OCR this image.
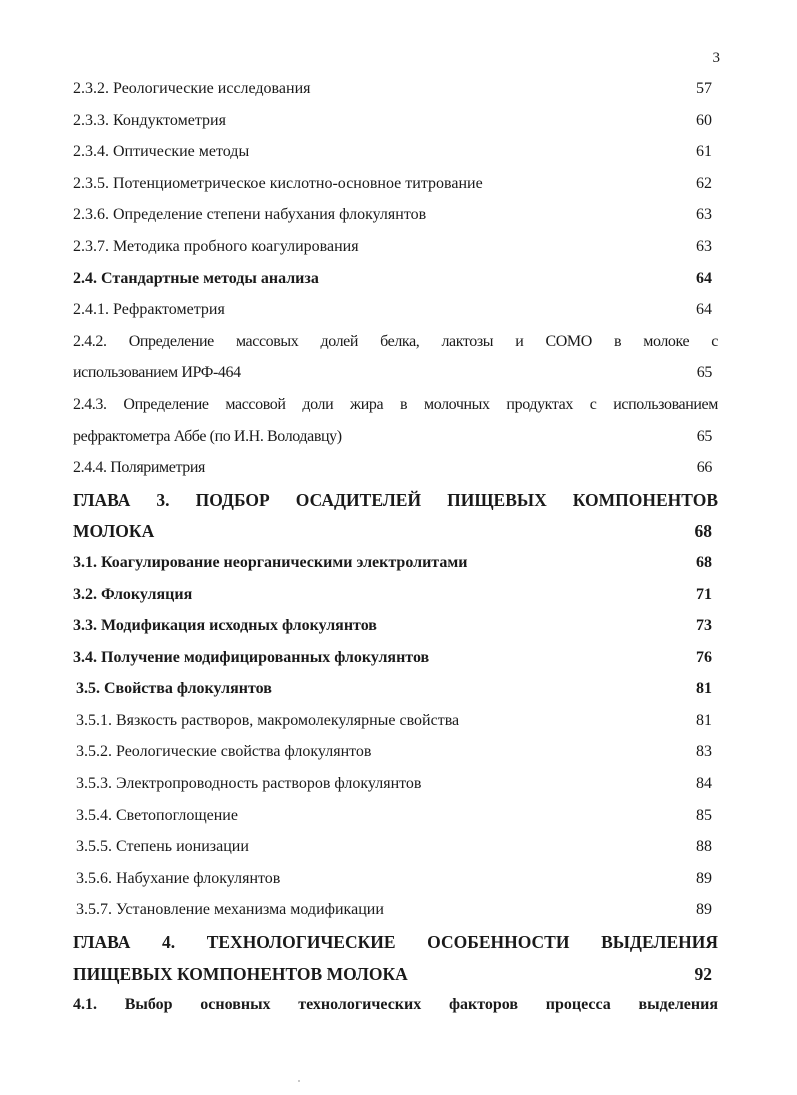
3
2.3.2. Реологические исследования	57
2.3.3. Кондуктометрия	60
2.3.4. Оптические методы	61
2.3.5. Потенциометрическое кислотно-основное титрование	62
2.3.6. Определение степени набухания флокулянтов	63
2.3.7. Методика пробного коагулирования	63
2.4. Стандартные методы анализа	64
2.4.1. Рефрактометрия	64
2.4.2. Определение массовых долей белка, лактозы и СОМО в молоке с
использованием ИРФ-464	65
2.4.3. Определение массовой доли жира в молочных продуктах с использованием
рефрактометра Аббе (по И.Н. Володавцу)	65
2.4.4. Поляриметрия	66
ГЛАВА 3. ПОДБОР ОСАДИТЕЛЕЙ ПИЩЕВЫХ КОМПОНЕНТОВ
МОЛОКА	68
3.1. Коагулирование неорганическими электролитами	68
3.2. Флокуляция	71
3.3. Модификация исходных флокулянтов	73
3.4. Получение модифицированных флокулянтов	76
3.5. Свойства флокулянтов	81
3.5.1. Вязкость растворов, макромолекулярные свойства	81
3.5.2. Реологические свойства флокулянтов	83
3.5.3. Электропроводность растворов флокулянтов	84
3.5.4. Светопоглощение	85
3.5.5. Степень ионизации	88
3.5.6. Набухание флокулянтов	89
3.5.7. Установление механизма модификации	89
ГЛАВА 4. ТЕХНОЛОГИЧЕСКИЕ ОСОБЕННОСТИ ВЫДЕЛЕНИЯ
ПИЩЕВЫХ КОМПОНЕНТОВ МОЛОКА	92
4.1. Выбор основных технологических факторов процесса выделения
